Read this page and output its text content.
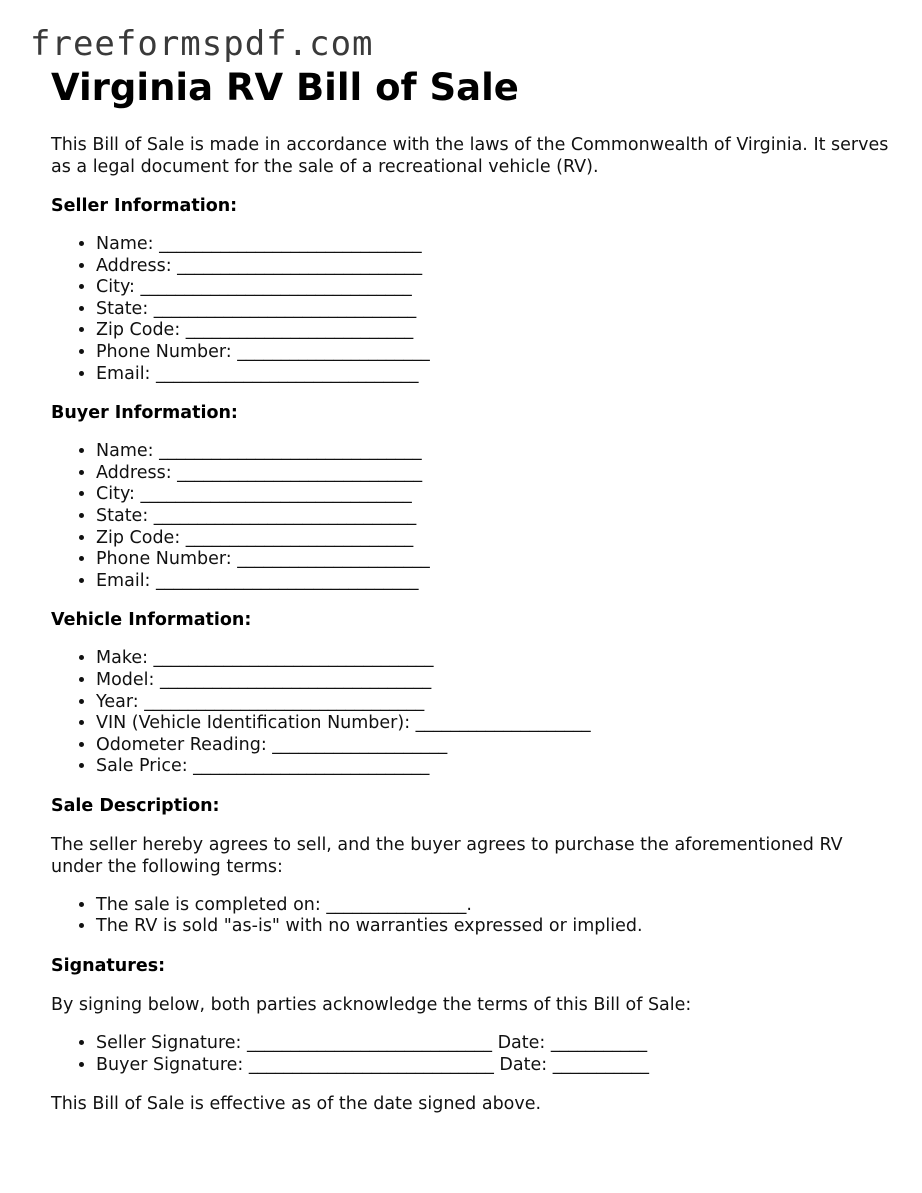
freeformspdf.com
Virginia RV Bill of Sale

This Bill of Sale is made in accordance with the laws of the Commonwealth of Virginia. It serves as a legal document for the sale of a recreational vehicle (RV).

Seller Information:
• Name: ______________________________
• Address: ____________________________
• City: _______________________________
• State: ______________________________
• Zip Code: __________________________
• Phone Number: ______________________
• Email: ______________________________
Buyer Information:
• Name: ______________________________
• Address: ____________________________
• City: _______________________________
• State: ______________________________
• Zip Code: __________________________
• Phone Number: ______________________
• Email: ______________________________
Vehicle Information:
• Make: ________________________________
• Model: _______________________________
• Year: ________________________________
• VIN (Vehicle Identification Number): ____________________
• Odometer Reading: ____________________
• Sale Price: ___________________________
Sale Description:

The seller hereby agrees to sell, and the buyer agrees to purchase the aforementioned RV under the following terms:

• The sale is completed on: ________________.
• The RV is sold "as-is" with no warranties expressed or implied.
Signatures:

By signing below, both parties acknowledge the terms of this Bill of Sale:

• Seller Signature: ____________________________ Date: ___________
• Buyer Signature: ____________________________ Date: ___________

This Bill of Sale is effective as of the date signed above.
